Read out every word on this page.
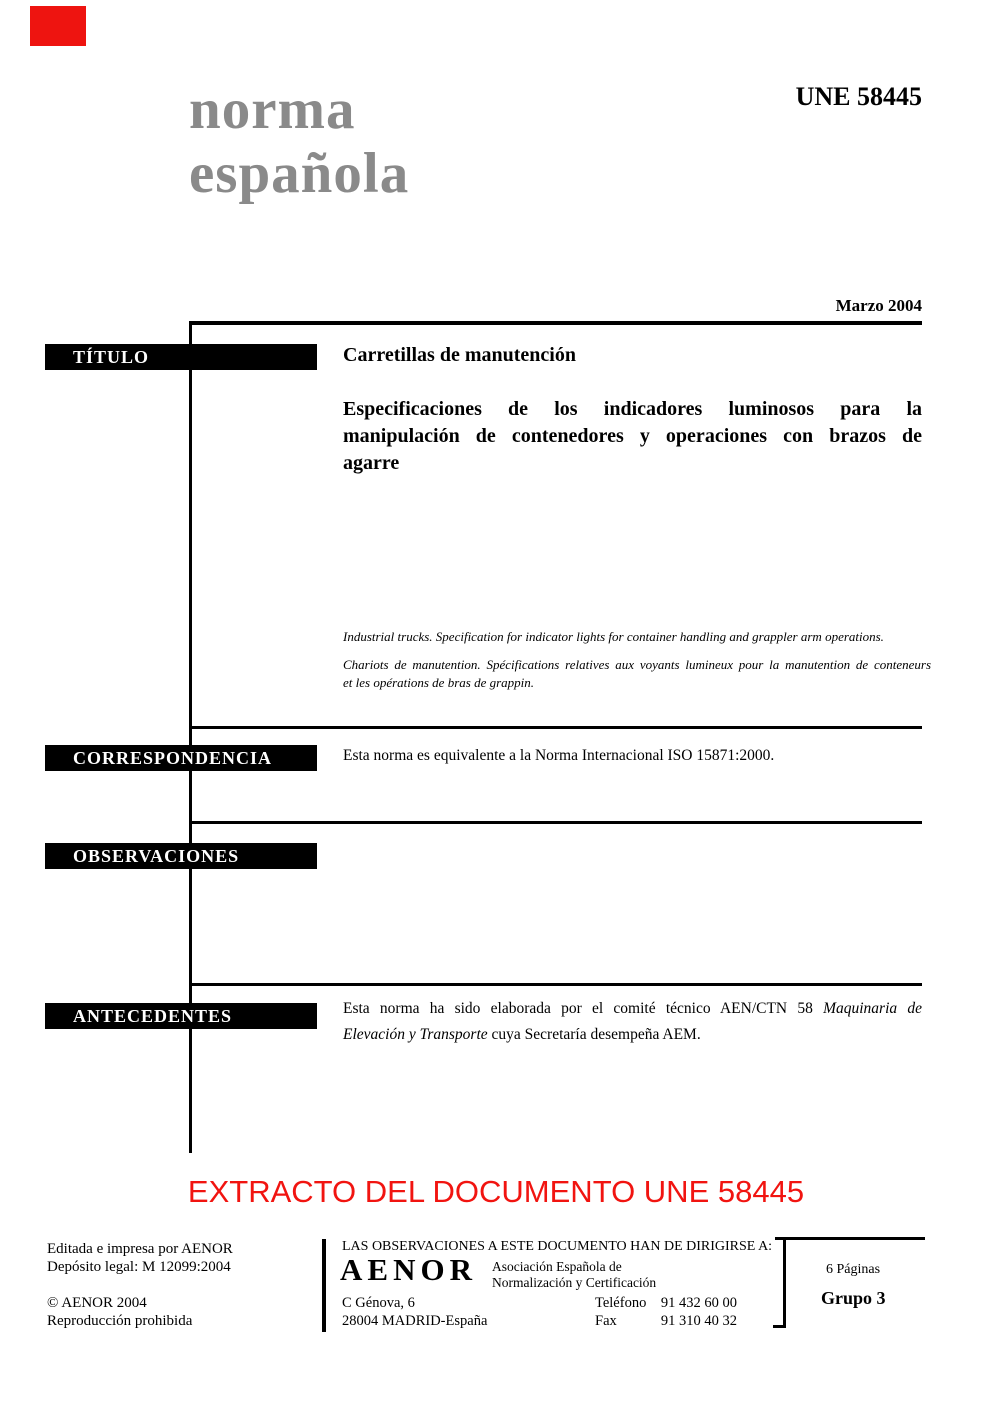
norma
española
UNE 58445
Marzo 2004
TÍTULO	Carretillas de manutención
Especificaciones de los indicadores luminosos para la
manipulación de contenedores y operaciones con brazos de
agarre
Industrial trucks. Specification for indicator lights for container handling and grappler arm operations.
Chariots de manutention. Spécifications relatives aux voyants lumineux pour la manutention de conteneurs
et les opérations de bras de grappin.
CORRESPONDENCIA	Esta norma es equivalente a la Norma Internacional ISO 15871:2000.
OBSERVACIONES
ANTECEDENTES	Esta norma ha sido elaborada por el comité técnico AEN/CTN 58 Maquinaria de
Elevación y Transporte cuya Secretaría desempeña AEM.
EXTRACTO DEL DOCUMENTO UNE 58445
Editada e impresa por AENOR
Depósito legal: M 12099:2004
© AENOR 2004
Reproducción prohibida
LAS OBSERVACIONES A ESTE DOCUMENTO HAN DE DIRIGIRSE A:
AENOR Asociación Española de
Normalización y Certificación
C Génova, 6
28004 MADRID-España
Teléfono 91 432 60 00
Fax	91 310 40 32
6 Páginas
Grupo 3
